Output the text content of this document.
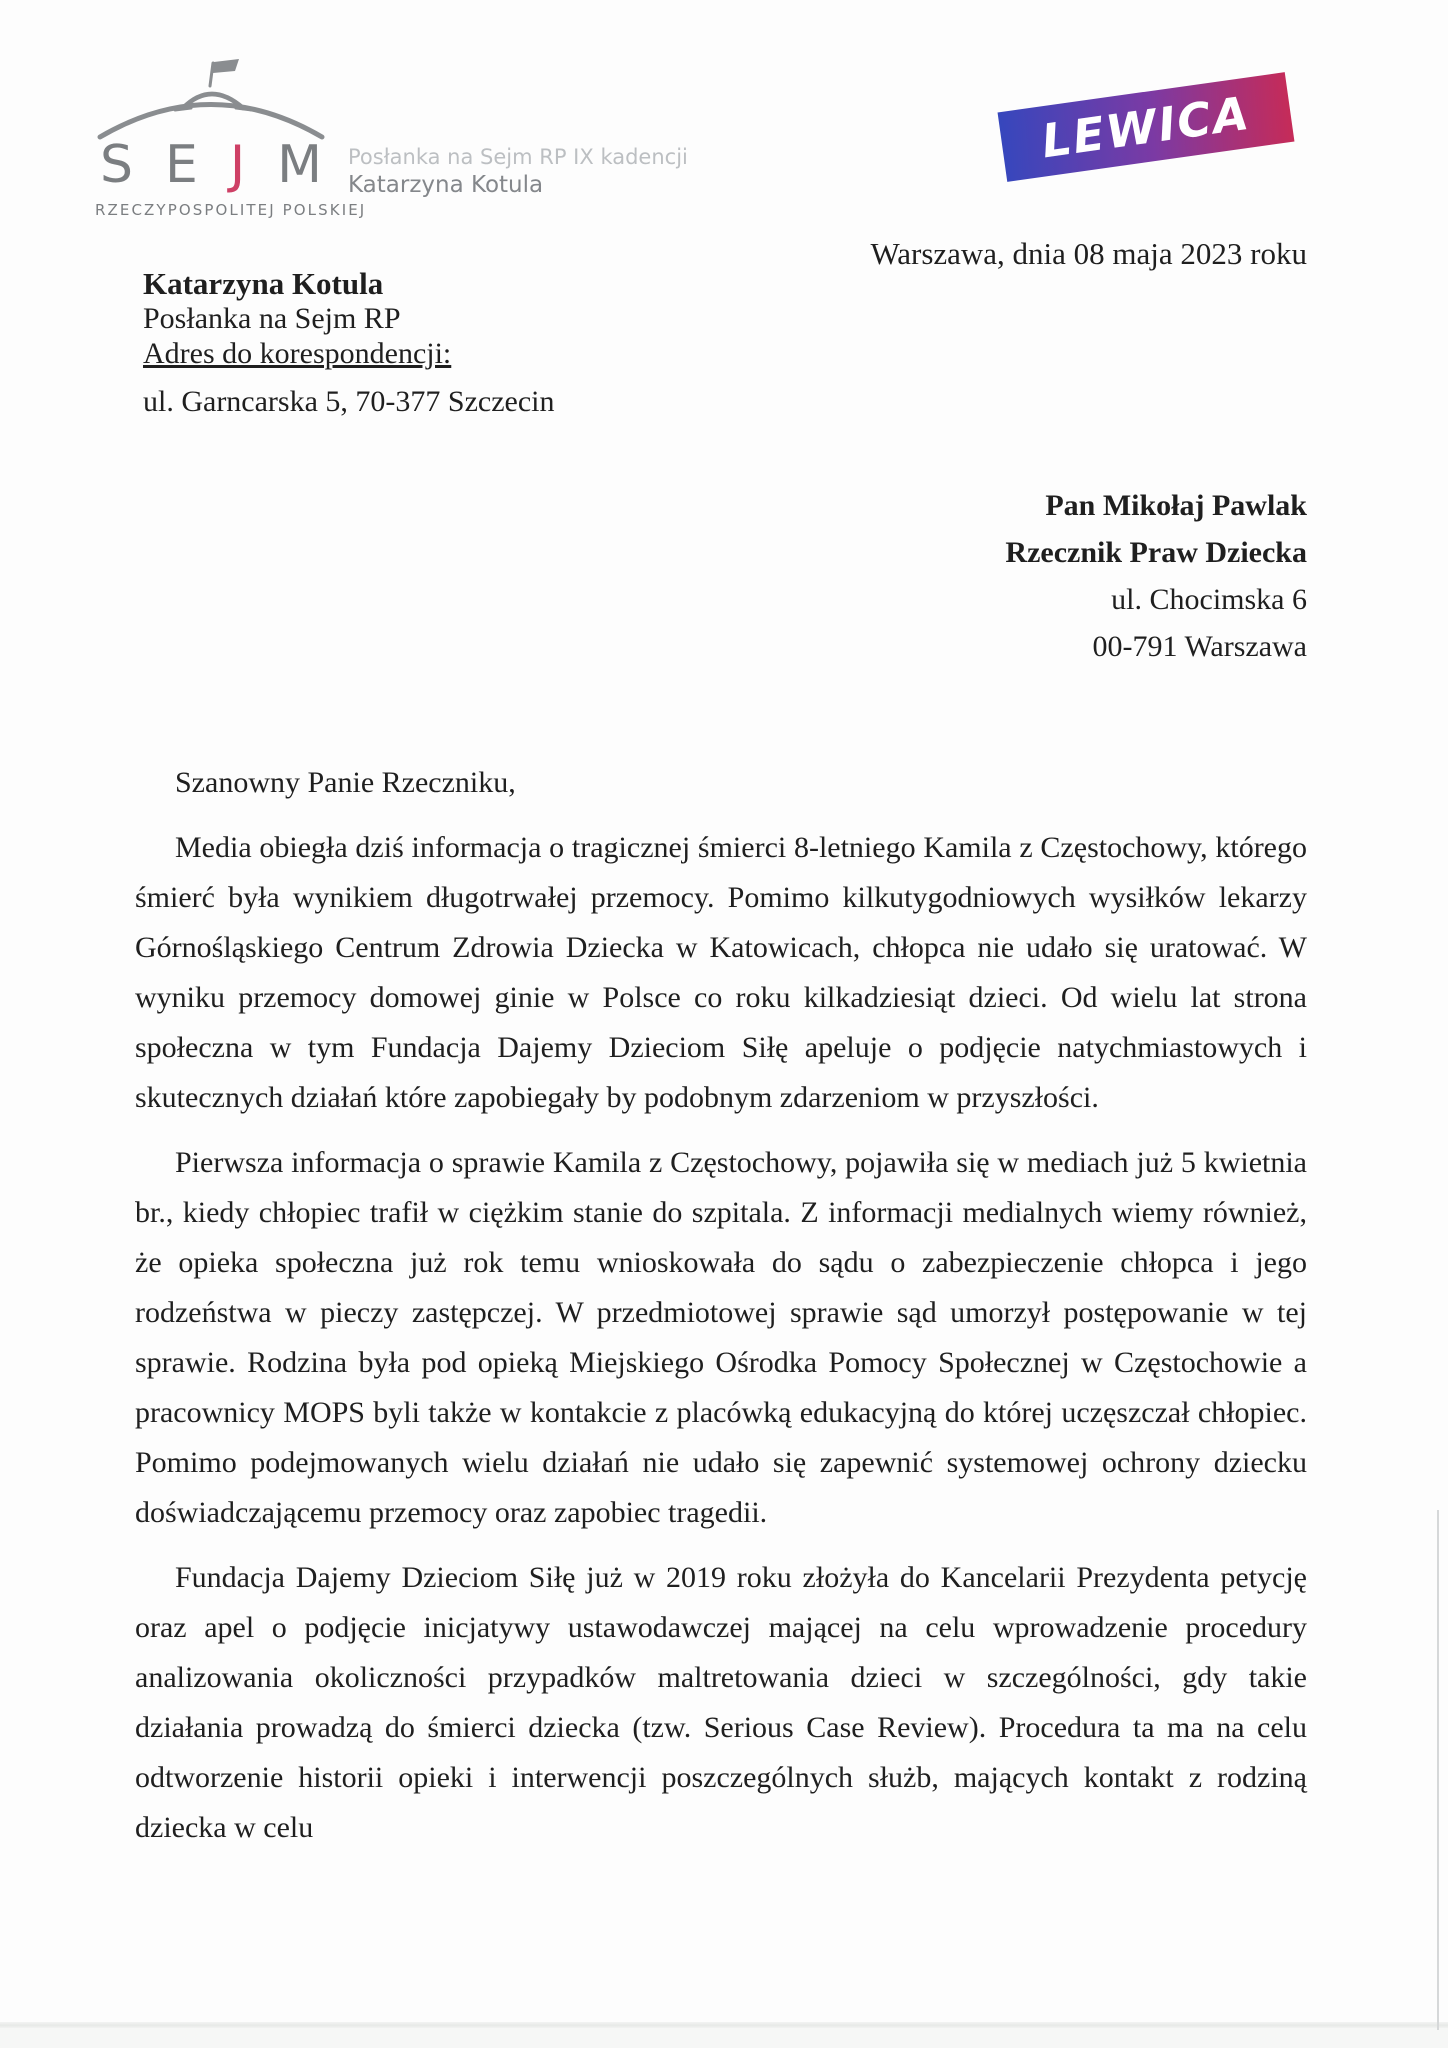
S E J M
RZECZYPOSPOLITEJ POLSKIEJ
Posłanka na Sejm RP IX kadencji
Katarzyna Kotula
LEWICA
Warszawa, dnia 08 maja 2023 roku
Katarzyna Kotula
Posłanka na Sejm RP
Adres do korespondencji:
ul. Garncarska 5, 70-377 Szczecin
Pan Mikołaj Pawlak
Rzecznik Praw Dziecka
ul. Chocimska 6
00-791 Warszawa

Szanowny Panie Rzeczniku,

Media obiegła dziś informacja o tragicznej śmierci 8-letniego Kamila z Częstochowy, którego śmierć była wynikiem długotrwałej przemocy. Pomimo kilkutygodniowych wysiłków lekarzy Górnośląskiego Centrum Zdrowia Dziecka w Katowicach, chłopca nie udało się uratować. W wyniku przemocy domowej ginie w Polsce co roku kilkadziesiąt dzieci. Od wielu lat strona społeczna w tym Fundacja Dajemy Dzieciom Siłę apeluje o podjęcie natychmiastowych i skutecznych działań które zapobiegały by podobnym zdarzeniom w przyszłości.

Pierwsza informacja o sprawie Kamila z Częstochowy, pojawiła się w mediach już 5 kwietnia br., kiedy chłopiec trafił w ciężkim stanie do szpitala. Z informacji medialnych wiemy również, że opieka społeczna już rok temu wnioskowała do sądu o zabezpieczenie chłopca i jego rodzeństwa w pieczy zastępczej. W przedmiotowej sprawie sąd umorzył postępowanie w tej sprawie. Rodzina była pod opieką Miejskiego Ośrodka Pomocy Społecznej w Częstochowie a pracownicy MOPS byli także w kontakcie z placówką edukacyjną do której uczęszczał chłopiec. Pomimo podejmowanych wielu działań nie udało się zapewnić systemowej ochrony dziecku doświadczającemu przemocy oraz zapobiec tragedii.

Fundacja Dajemy Dzieciom Siłę już w 2019 roku złożyła do Kancelarii Prezydenta petycję oraz apel o podjęcie inicjatywy ustawodawczej mającej na celu wprowadzenie procedury analizowania okoliczności przypadków maltretowania dzieci w szczególności, gdy takie działania prowadzą do śmierci dziecka (tzw. Serious Case Review). Procedura ta ma na celu odtworzenie historii opieki i interwencji poszczególnych służb, mających kontakt z rodziną dziecka w celu
